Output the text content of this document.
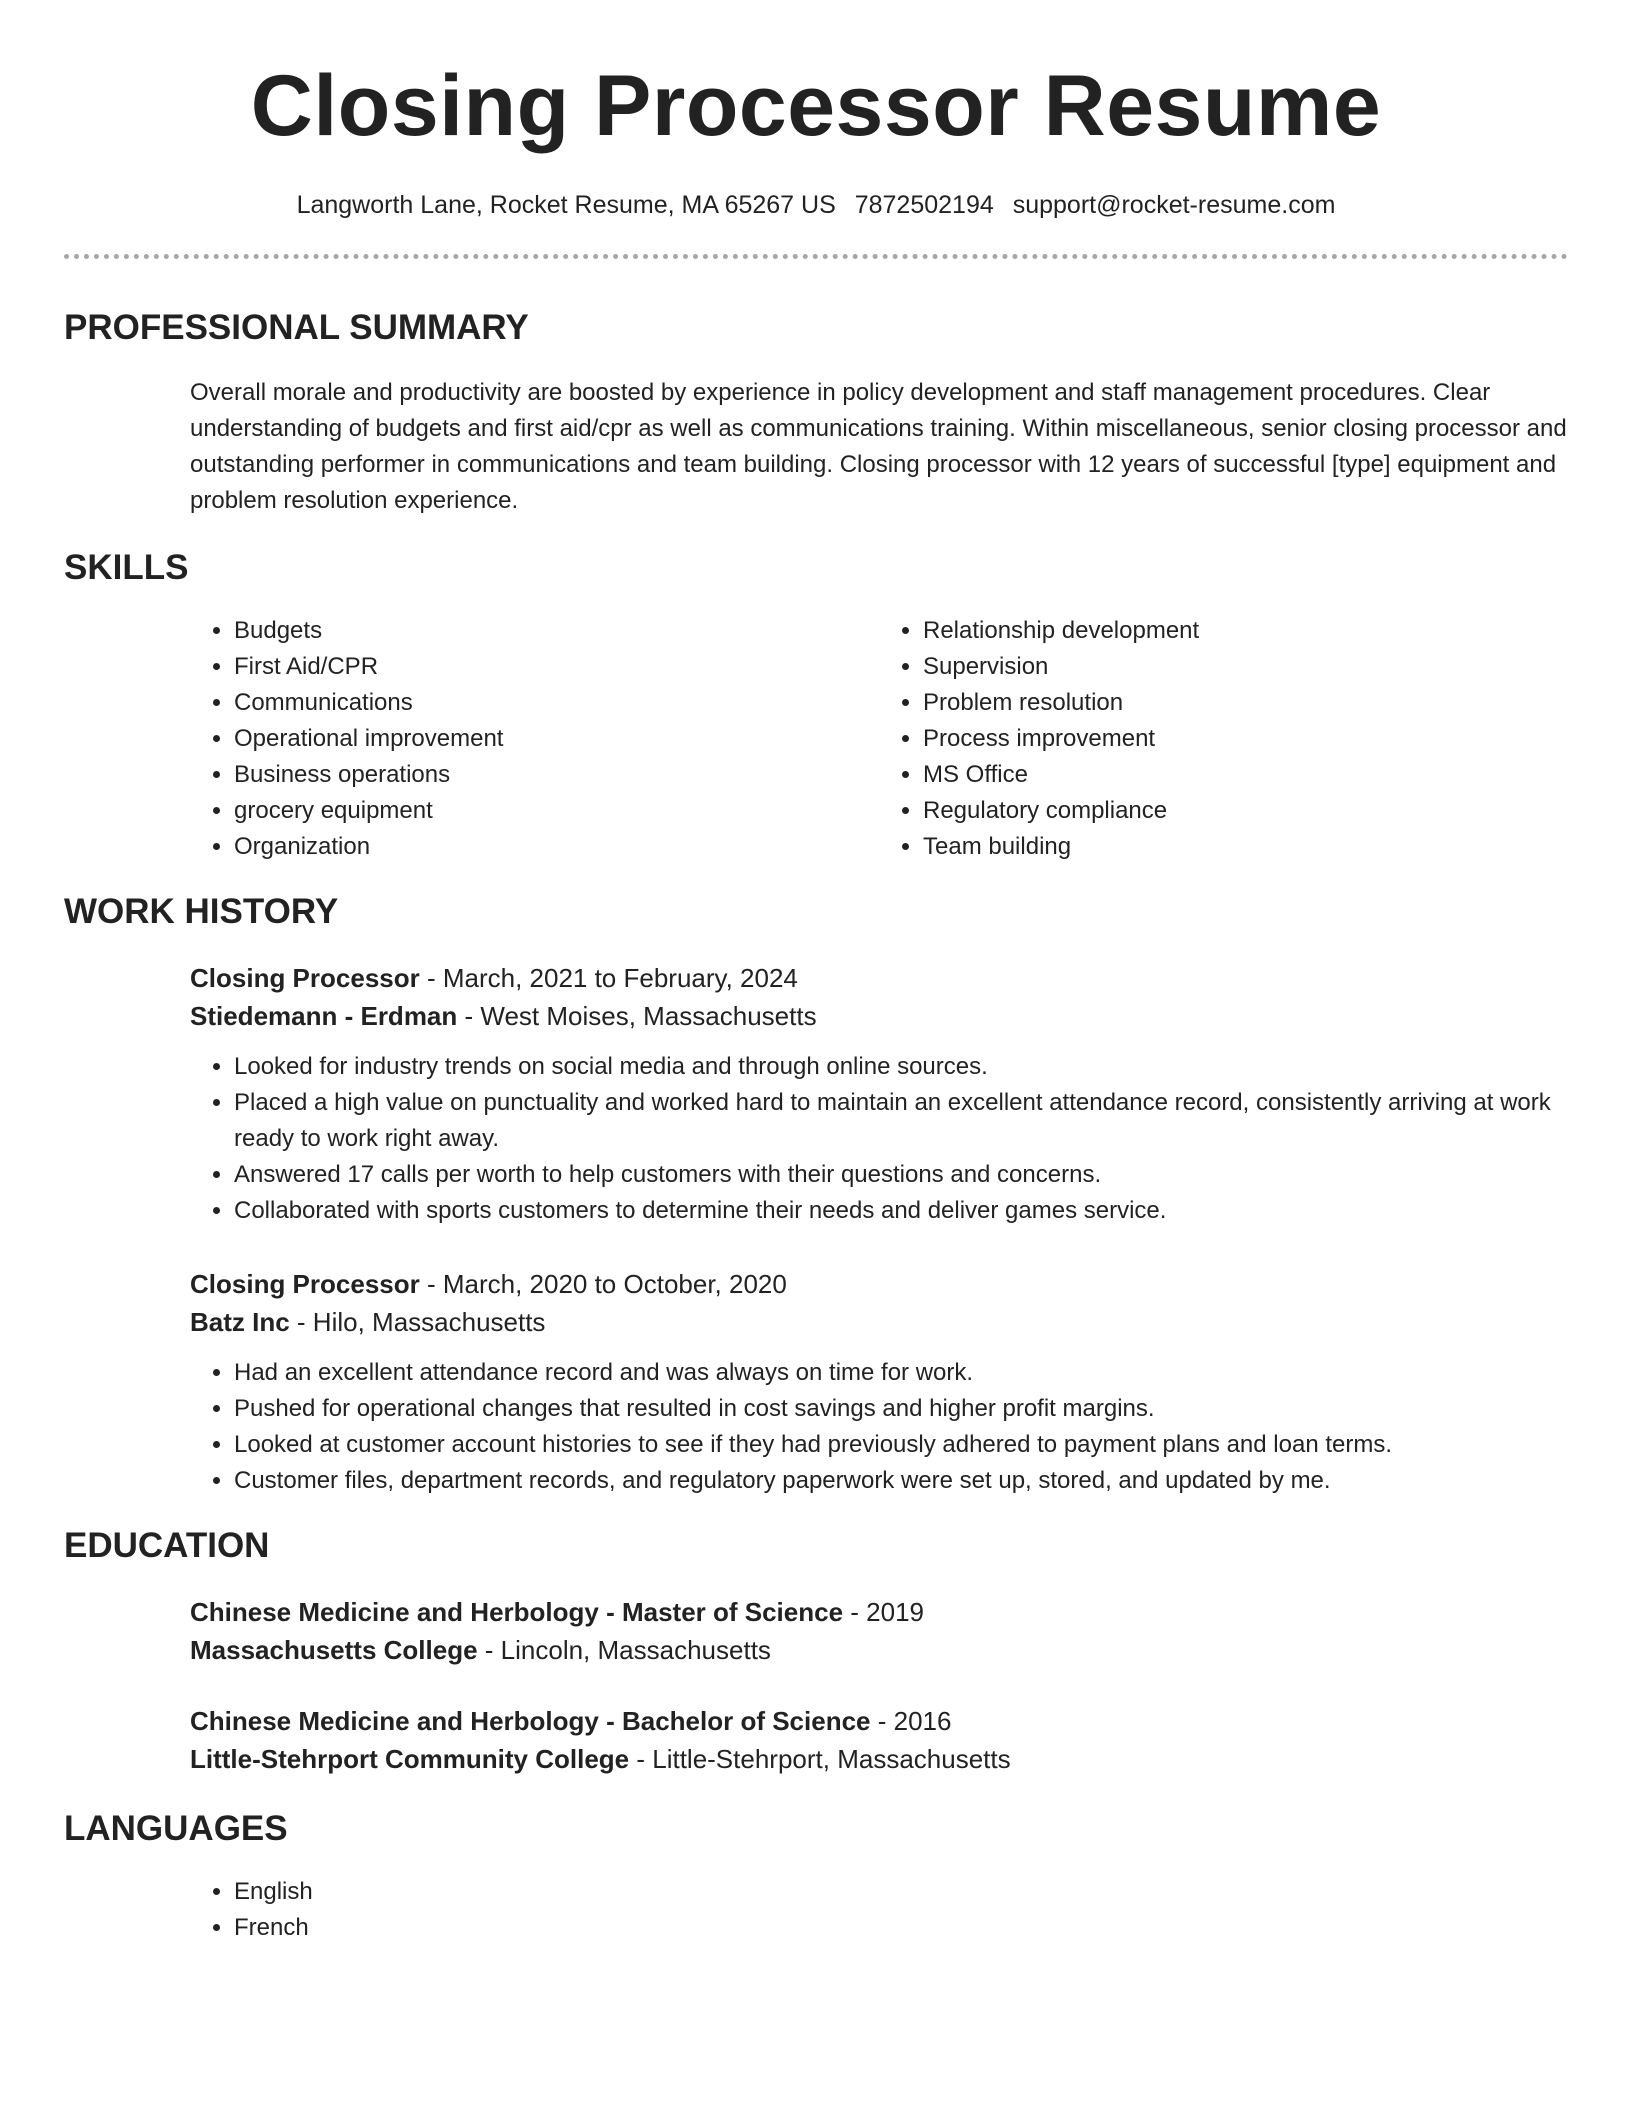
Closing Processor Resume
Langworth Lane, Rocket Resume, MA 65267 US 7872502194 support@rocket-resume.com
PROFESSIONAL SUMMARY

Overall morale and productivity are boosted by experience in policy development and staff management procedures. Clear understanding of budgets and first aid/cpr as well as communications training. Within miscellaneous, senior closing processor and outstanding performer in communications and team building. Closing processor with 12 years of successful [type] equipment and problem resolution experience.

SKILLS
• Budgets
• First Aid/CPR
• Communications
• Operational improvement
• Business operations
• grocery equipment
• Organization
• Relationship development
• Supervision
• Problem resolution
• Process improvement
• MS Office
• Regulatory compliance
• Team building
WORK HISTORY
Closing Processor - March, 2021 to February, 2024
Stiedemann - Erdman - West Moises, Massachusetts
• Looked for industry trends on social media and through online sources.
• Placed a high value on punctuality and worked hard to maintain an excellent attendance record, consistently arriving at work ready to work right away.
• Answered 17 calls per worth to help customers with their questions and concerns.
• Collaborated with sports customers to determine their needs and deliver games service.
Closing Processor - March, 2020 to October, 2020
Batz Inc - Hilo, Massachusetts
• Had an excellent attendance record and was always on time for work.
• Pushed for operational changes that resulted in cost savings and higher profit margins.
• Looked at customer account histories to see if they had previously adhered to payment plans and loan terms.
• Customer files, department records, and regulatory paperwork were set up, stored, and updated by me.
EDUCATION
Chinese Medicine and Herbology - Master of Science - 2019
Massachusetts College - Lincoln, Massachusetts
Chinese Medicine and Herbology - Bachelor of Science - 2016
Little-Stehrport Community College - Little-Stehrport, Massachusetts
LANGUAGES
• English
• French
